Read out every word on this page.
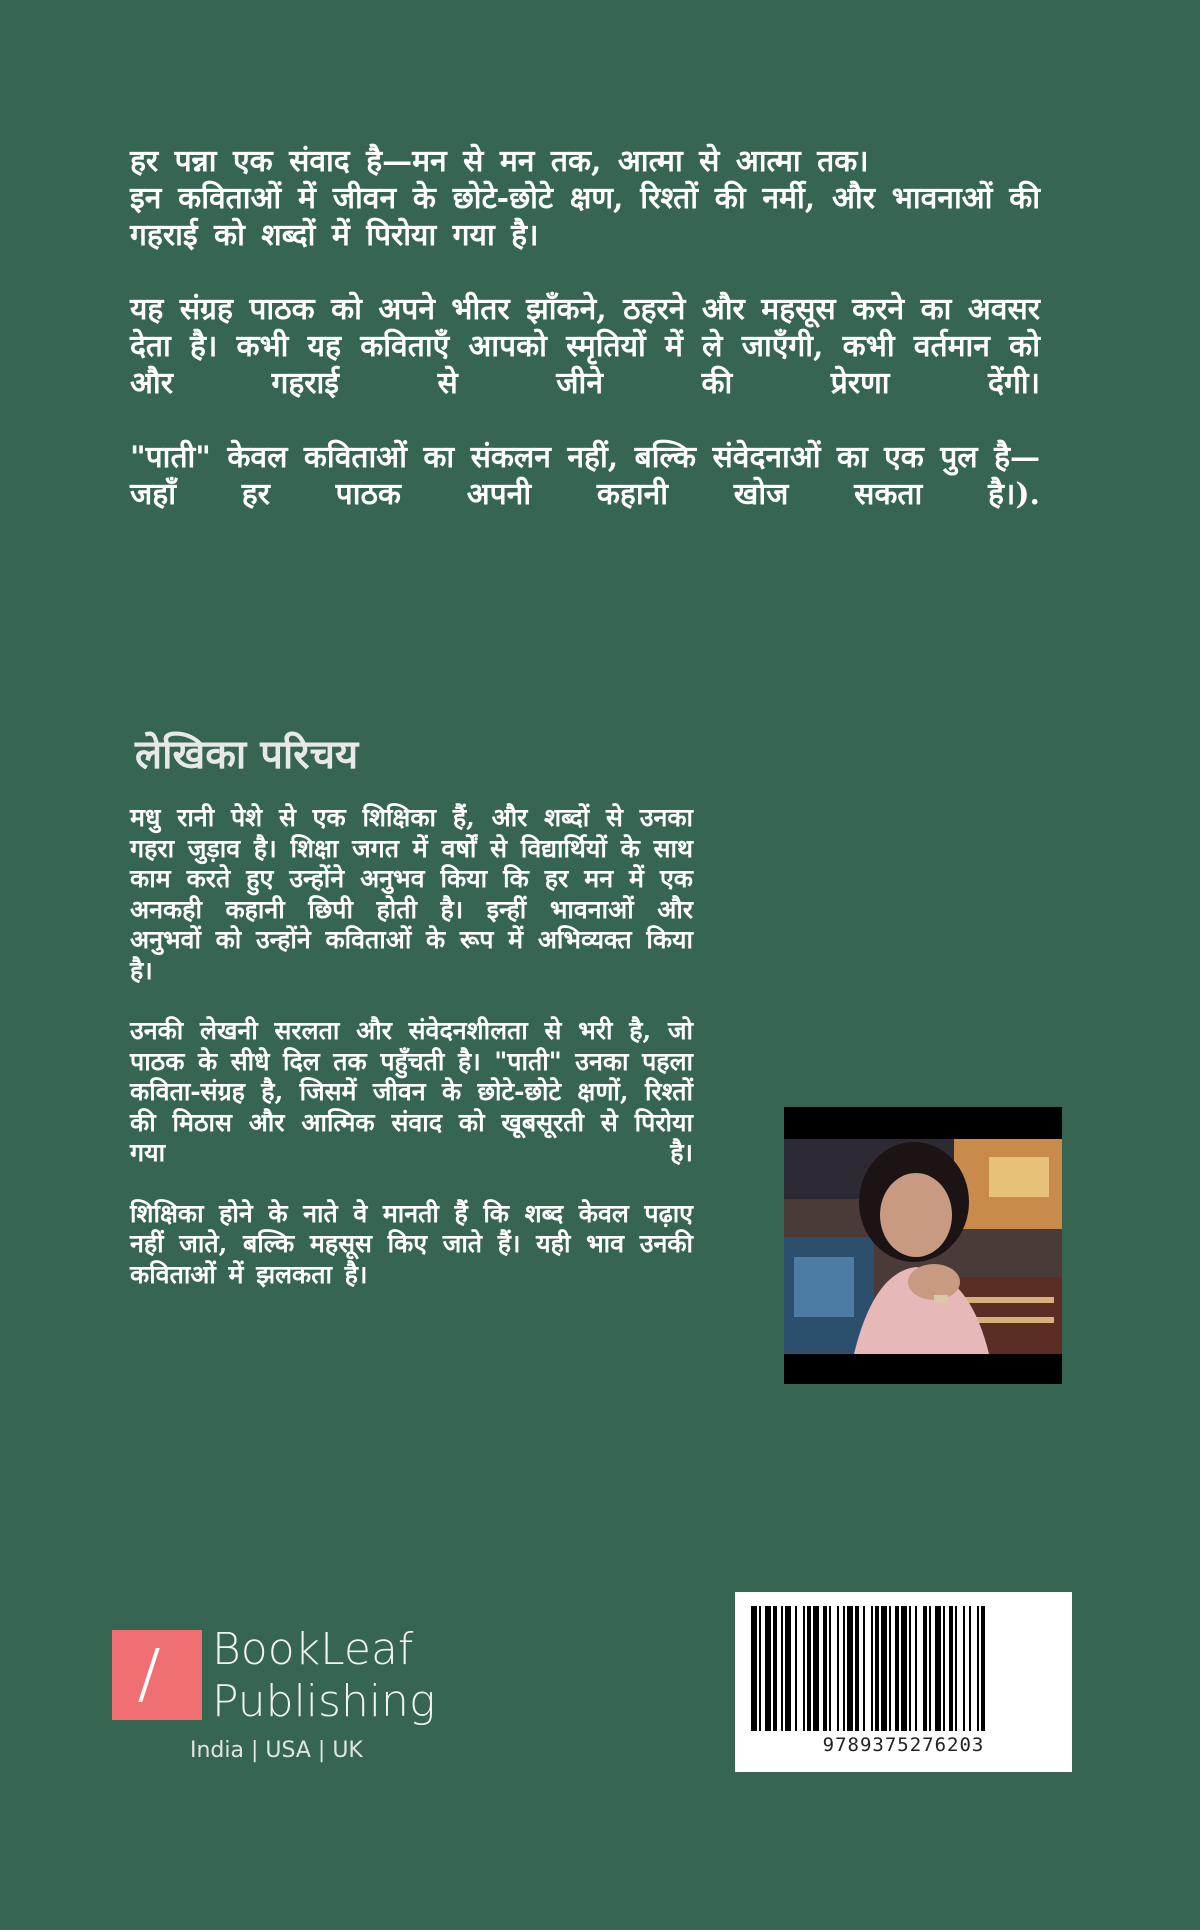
हर पन्ना एक संवाद है—मन से मन तक, आत्मा से आत्मा तक।

इन कविताओं में जीवन के छोटे-छोटे क्षण, रिश्तों की नर्मी, और भावनाओं की गहराई को शब्दों में पिरोया गया है।

यह संग्रह पाठक को अपने भीतर झाँकने, ठहरने और महसूस करने का अवसर देता है। कभी यह कविताएँ आपको स्मृतियों में ले जाएँगी, कभी वर्तमान को और गहराई से जीने की प्रेरणा देंगी।

"पाती" केवल कविताओं का संकलन नहीं, बल्कि संवेदनाओं का एक पुल है—जहाँ हर पाठक अपनी कहानी खोज सकता है।).

लेखिका परिचय

मधु रानी पेशे से एक शिक्षिका हैं, और शब्दों से उनका गहरा जुड़ाव है। शिक्षा जगत में वर्षों से विद्यार्थियों के साथ काम करते हुए उन्होंने अनुभव किया कि हर मन में एक अनकही कहानी छिपी होती है। इन्हीं भावनाओं और अनुभवों को उन्होंने कविताओं के रूप में अभिव्यक्त किया है।

उनकी लेखनी सरलता और संवेदनशीलता से भरी है, जो पाठक के सीधे दिल तक पहुँचती है। "पाती" उनका पहला कविता-संग्रह है, जिसमें जीवन के छोटे-छोटे क्षणों, रिश्तों की मिठास और आत्मिक संवाद को खूबसूरती से पिरोया गया है।

शिक्षिका होने के नाते वे मानती हैं कि शब्द केवल पढ़ाए नहीं जाते, बल्कि महसूस किए जाते हैं। यही भाव उनकी कविताओं में झलकता है।

BookLeaf
Publishing
India | USA | UK	9789375276203
